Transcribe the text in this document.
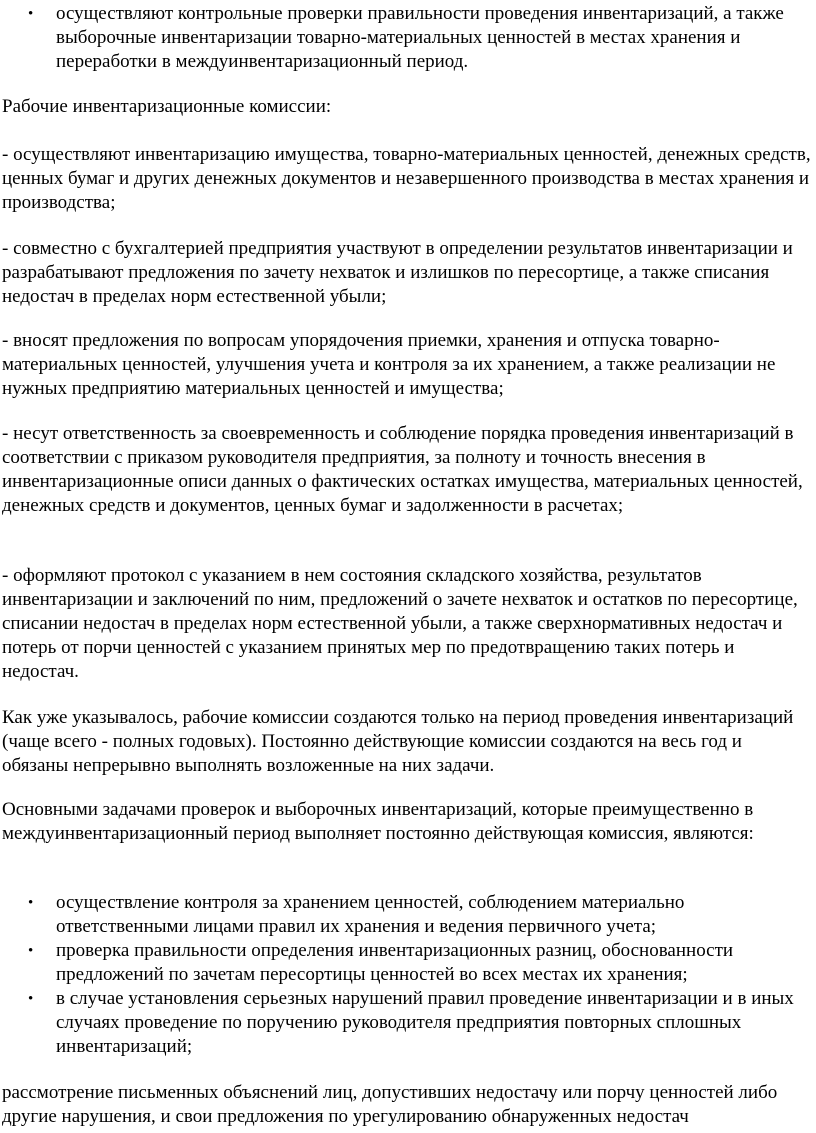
• осуществляют контрольные проверки правильности проведения инвентаризаций, а также выборочные инвентаризации товарно-материальных ценностей в местах хранения и переработки в междуинвентаризационный период.

Рабочие инвентаризационные комиссии:

- осуществляют инвентаризацию имущества, товарно-материальных ценностей, денежных средств, ценных бумаг и других денежных документов и незавершенного производства в местах хранения и производства;

- совместно с бухгалтерией предприятия участвуют в определении результатов инвентаризации и разрабатывают предложения по зачету нехваток и излишков по пересортице, а также списания недостач в пределах норм естественной убыли;

- вносят предложения по вопросам упорядочения приемки, хранения и отпуска товарно-материальных ценностей, улучшения учета и контроля за их хранением, а также реализации не нужных предприятию материальных ценностей и имущества;

- несут ответственность за своевременность и соблюдение порядка проведения инвентаризаций в соответствии с приказом руководителя предприятия, за полноту и точность внесения в инвентаризационные описи данных о фактических остатках имущества, материальных ценностей, денежных средств и документов, ценных бумаг и задолженности в расчетах;

- оформляют протокол с указанием в нем состояния складского хозяйства, результатов инвентаризации и заключений по ним, предложений о зачете нехваток и остатков по пересортице, списании недостач в пределах норм естественной убыли, а также сверхнормативных недостач и потерь от порчи ценностей с указанием принятых мер по предотвращению таких потерь и недостач.

Как уже указывалось, рабочие комиссии создаются только на период проведения инвентаризаций (чаще всего - полных годовых). Постоянно действующие комиссии создаются на весь год и обязаны непрерывно выполнять возложенные на них задачи.

Основными задачами проверок и выборочных инвентаризаций, которые преимущественно в междуинвентаризационный период выполняет постоянно действующая комиссия, являются:

• осуществление контроля за хранением ценностей, соблюдением материально ответственными лицами правил их хранения и ведения первичного учета;
• проверка правильности определения инвентаризационных разниц, обоснованности предложений по зачетам пересортицы ценностей во всех местах их хранения;
• в случае установления серьезных нарушений правил проведение инвентаризации и в иных случаях проведение по поручению руководителя предприятия повторных сплошных инвентаризаций;

рассмотрение письменных объяснений лиц, допустивших недостачу или порчу ценностей либо другие нарушения, и свои предложения по урегулированию обнаруженных недостач
